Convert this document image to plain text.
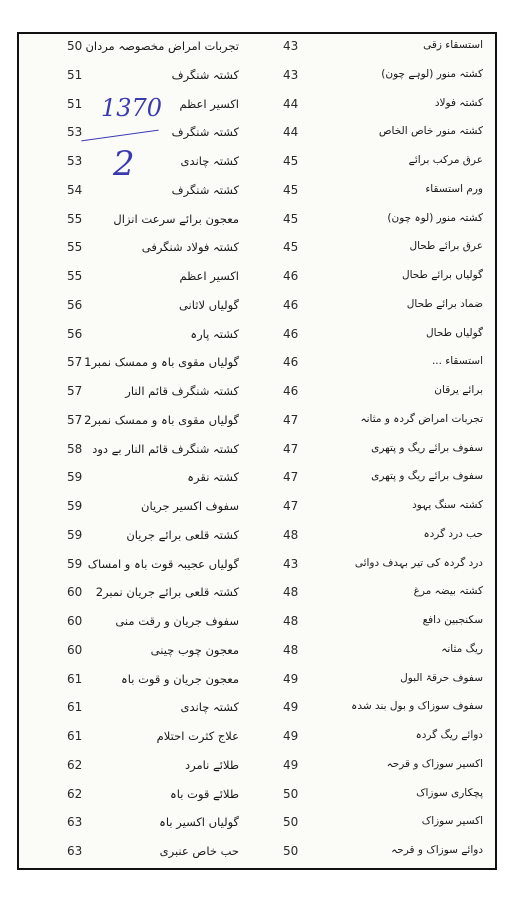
1370
2
50 تجربات امراض مخصوصہ مردان	43	استسقاء زقی
51	کشتہ شنگرف	43	کشتہ منور (لوہے چون)
51	اکسیر اعظم	44	کشتہ فولاد
53	کشتہ شنگرف	44	کشتہ منور خاص الخاص
53	کشتہ چاندی	45	عرق مرکب برائے
54	کشتہ شنگرف	45	ورم استسقاء
55	معجون برائے سرعت انزال	45	کشتہ منور (لوہ چون)
55	کشتہ فولاد شنگرفی	45	عرق برائے طحال
55	اکسیر اعظم	46	گولیاں برائے طحال
56	گولیاں لاثانی	46	ضماد برائے طحال
56	کشتہ پارہ	46	گولیاں طحال
57 گولیاں مقوی باہ و ممسک نمبر1	46	استسقاء ...
57	کشتہ شنگرف قائم النار	46	برائے یرقان
57 گولیاں مقوی باہ و ممسک نمبر2	47	تجربات امراض گردہ و مثانہ
58 کشتہ شنگرف قائم النار بے دود	47	سفوف برائے ریگ و پتھری
59	کشتہ نقرہ	47	سفوف برائے ریگ و پتھری
59	سفوف اکسیر جریان	47	کشتہ سنگ یہود
59	کشتہ قلعی برائے جریان	48	حب درد گردہ
59 گولیاں عجیبہ قوت باہ و امساک	43	درد گردہ کی تیر بہدف دوائی
60 کشتہ قلعی برائے جریان نمبر2	48	کشتہ بیضہ مرغ
60	سفوف جریان و رقت منی	48	سکنجبین دافع
60	معجون چوب چینی	48	ریگ مثانہ
61	معجون جریان و قوت باہ	49	سفوف حرقۃ البول
61	کشتہ چاندی	49	سفوف سوزاک و بول بند شدہ
61	علاج کثرت احتلام	49	دوائے ریگ گردہ
62	طلائے نامرد	49	اکسیر سوزاک و قرحہ
62	طلائے قوت باہ	50	پچکاری سوزاک
63	گولیاں اکسیر باہ	50	اکسیر سوزاک
63	حب خاص عنبری	50	دوائے سوزاک و قرحہ
